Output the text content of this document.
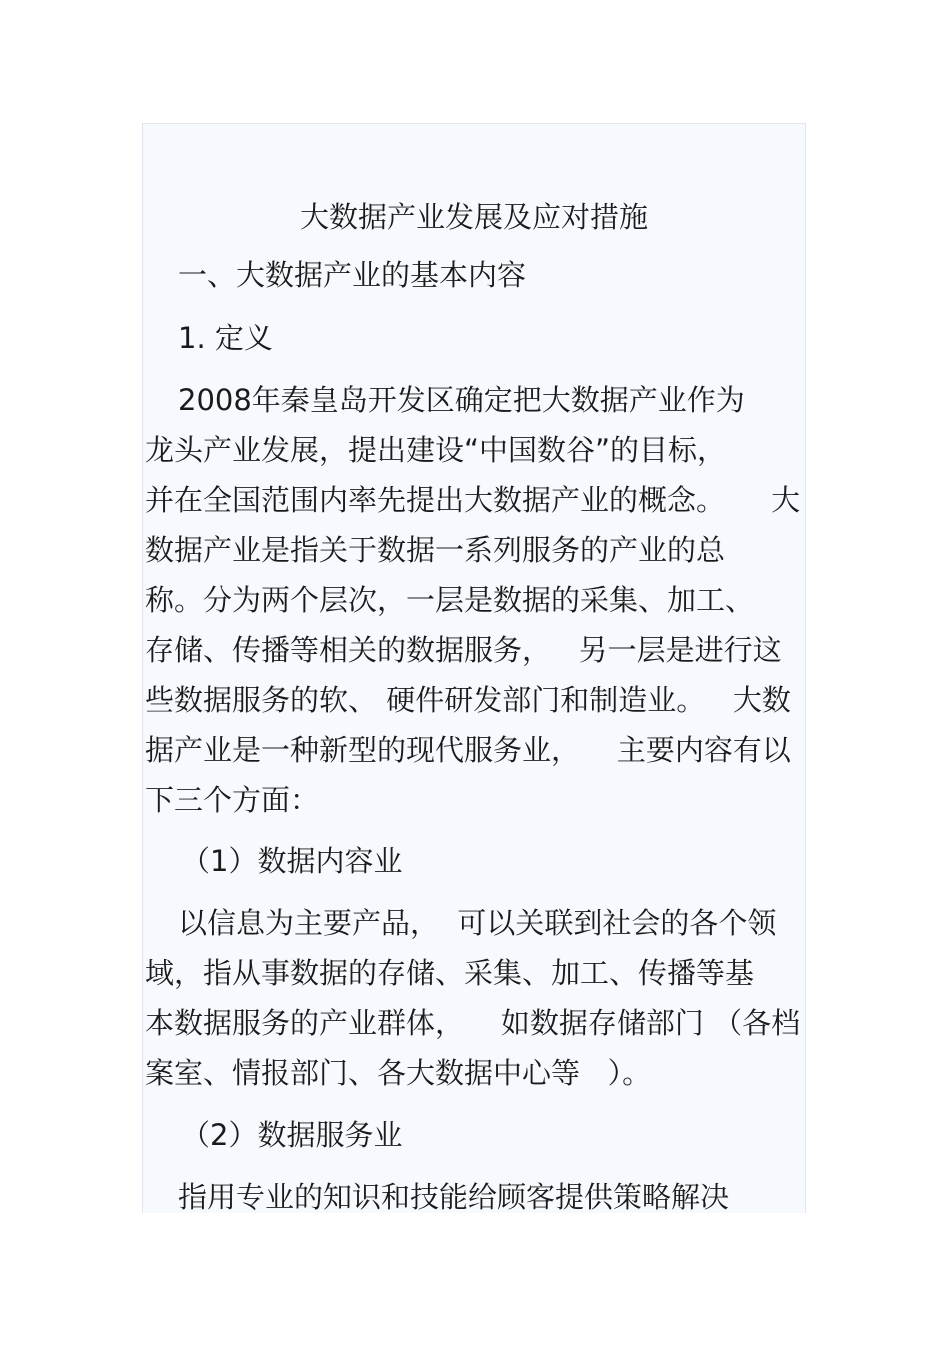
大数据产业发展及应对措施
一、大数据产业的基本内容
1. 定义
2008年秦皇岛开发区确定把大数据产业作为
龙头产业发展，提出建设“中国数谷”的目标，
并在全国范围内率先提出大数据产业的概念。     大
数据产业是指关于数据一系列服务的产业的总
称。分为两个层次，一层是数据的采集、加工、
存储、传播等相关的数据服务，   另一层是进行这
些数据服务的软、 硬件研发部门和制造业。   大数
据产业是一种新型的现代服务业，    主要内容有以
下三个方面：
（1）数据内容业
以信息为主要产品，  可以关联到社会的各个领
域，指从事数据的存储、采集、加工、传播等基
本数据服务的产业群体，    如数据存储部门 （各档
案室、情报部门、各大数据中心等   ）。
（2）数据服务业
指用专业的知识和技能给顾客提供策略解决
